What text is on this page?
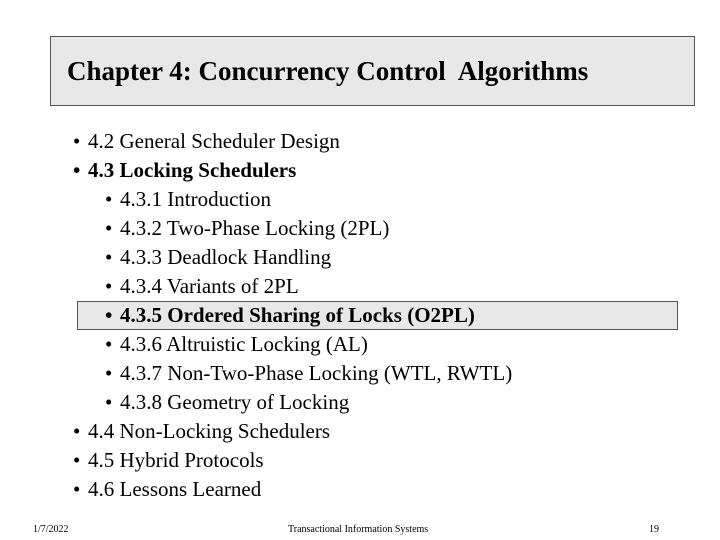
Chapter 4: Concurrency Control  Algorithms
• 4.2 General Scheduler Design
• 4.3 Locking Schedulers
• 4.3.1 Introduction
• 4.3.2 Two-Phase Locking (2PL)
• 4.3.3 Deadlock Handling
• 4.3.4 Variants of 2PL
• 4.3.5 Ordered Sharing of Locks (O2PL)
• 4.3.6 Altruistic Locking (AL)
• 4.3.7 Non-Two-Phase Locking (WTL, RWTL)
• 4.3.8 Geometry of Locking
• 4.4 Non-Locking Schedulers
• 4.5 Hybrid Protocols
• 4.6 Lessons Learned
1/7/2022	Transactional Information Systems	19
